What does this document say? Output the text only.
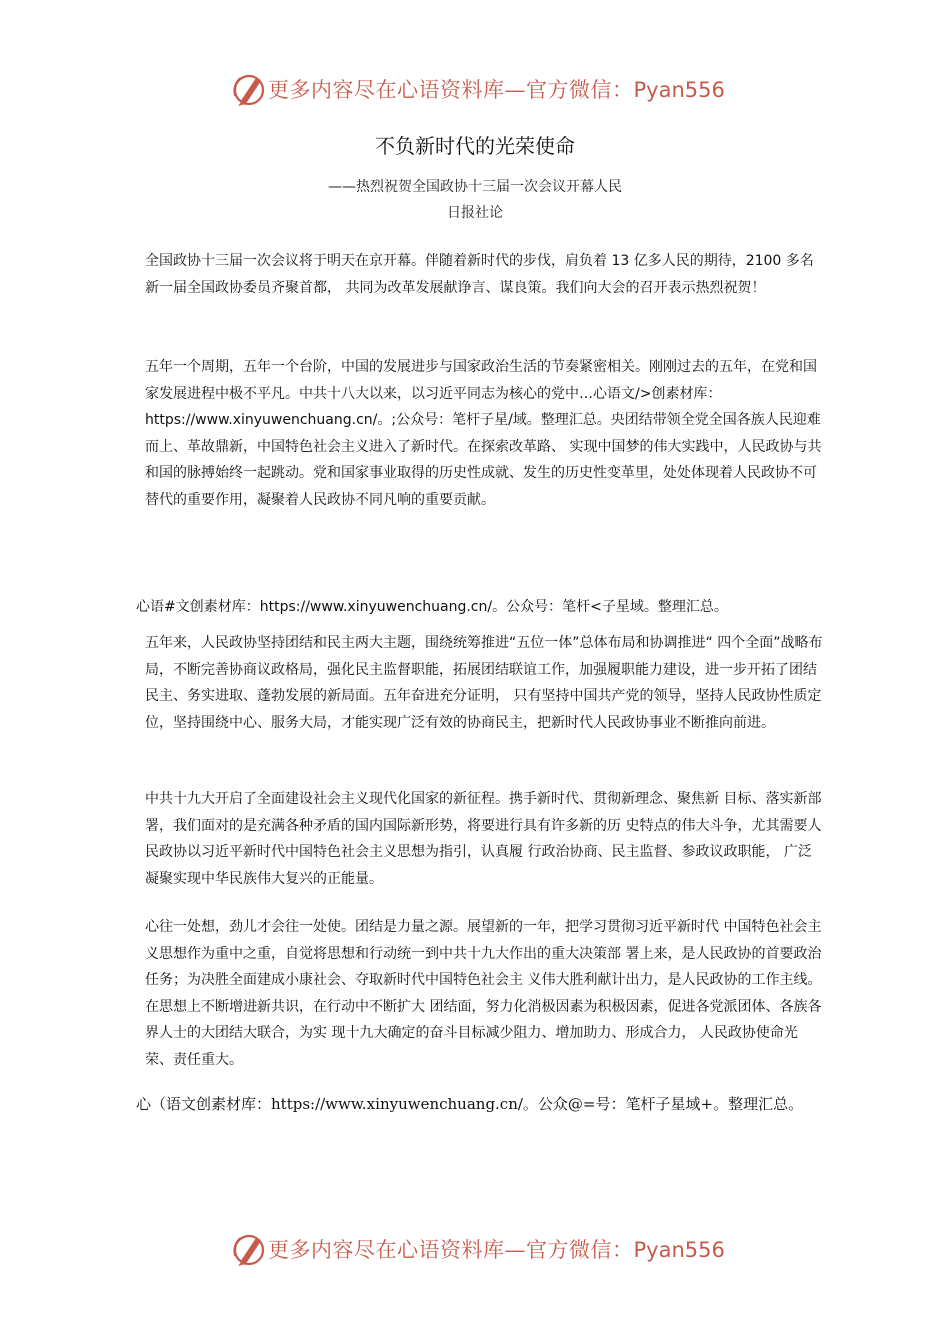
更多内容尽在心语资料库—官方微信：Pyan556
不负新时代的光荣使命
——热烈祝贺全国政协十三届一次会议开幕人民
日报社论

全国政协十三届一次会议将于明天在京开幕。伴随着新时代的步伐，肩负着 13 亿多人民的期待，2100 多名新一届全国政协委员齐聚首都， 共同为改革发展献诤言、谋良策。我们向大会的召开表示热烈祝贺！

五年一个周期，五年一个台阶，中国的发展进步与国家政治生活的节奏紧密相关。刚刚过去的五年，在党和国家发展进程中极不平凡。中共十八大以来，以习近平同志为核心的党中…心语文/>创素材库：https://www.xinyuwenchuang.cn/。;公众号：笔杆子星/域。整理汇总。央团结带领全党全国各族人民迎难而上、革故鼎新，中国特色社会主义进入了新时代。在探索改革路、 实现中国梦的伟大实践中，人民政协与共和国的脉搏始终一起跳动。党和国家事业取得的历史性成就、发生的历史性变革里，处处体现着人民政协不可替代的重要作用，凝聚着人民政协不同凡响的重要贡献。

心语#文创素材库：https://www.xinyuwenchuang.cn/。公众号：笔杆<子星域。整理汇总。

五年来，人民政协坚持团结和民主两大主题，围绕统筹推进“五位一体”总体布局和协调推进“ 四个全面”战略布局，不断完善协商议政格局，强化民主监督职能，拓展团结联谊工作，加强履职能力建设，进一步开拓了团结民主、务实进取、蓬勃发展的新局面。五年奋进充分证明， 只有坚持中国共产党的领导，坚持人民政协性质定位，坚持围绕中心、服务大局，才能实现广泛有效的协商民主，把新时代人民政协事业不断推向前进。

中共十九大开启了全面建设社会主义现代化国家的新征程。携手新时代、贯彻新理念、聚焦新 目标、落实新部署，我们面对的是充满各种矛盾的国内国际新形势，将要进行具有许多新的历 史特点的伟大斗争，尤其需要人民政协以习近平新时代中国特色社会主义思想为指引，认真履 行政治协商、民主监督、参政议政职能， 广泛凝聚实现中华民族伟大复兴的正能量。

心往一处想，劲儿才会往一处使。团结是力量之源。展望新的一年，把学习贯彻习近平新时代 中国特色社会主义思想作为重中之重，自觉将思想和行动统一到中共十九大作出的重大决策部 署上来，是人民政协的首要政治任务；为决胜全面建成小康社会、夺取新时代中国特色社会主 义伟大胜利献计出力，是人民政协的工作主线。在思想上不断增进新共识，在行动中不断扩大 团结面，努力化消极因素为积极因素，促进各党派团体、各族各界人士的大团结大联合，为实 现十九大确定的奋斗目标减少阻力、增加助力、形成合力， 人民政协使命光荣、责任重大。

心（语文创素材库：https://www.xinyuwenchuang.cn/。公众@=号：笔杆子星域+。整理汇总。
更多内容尽在心语资料库—官方微信：Pyan556
